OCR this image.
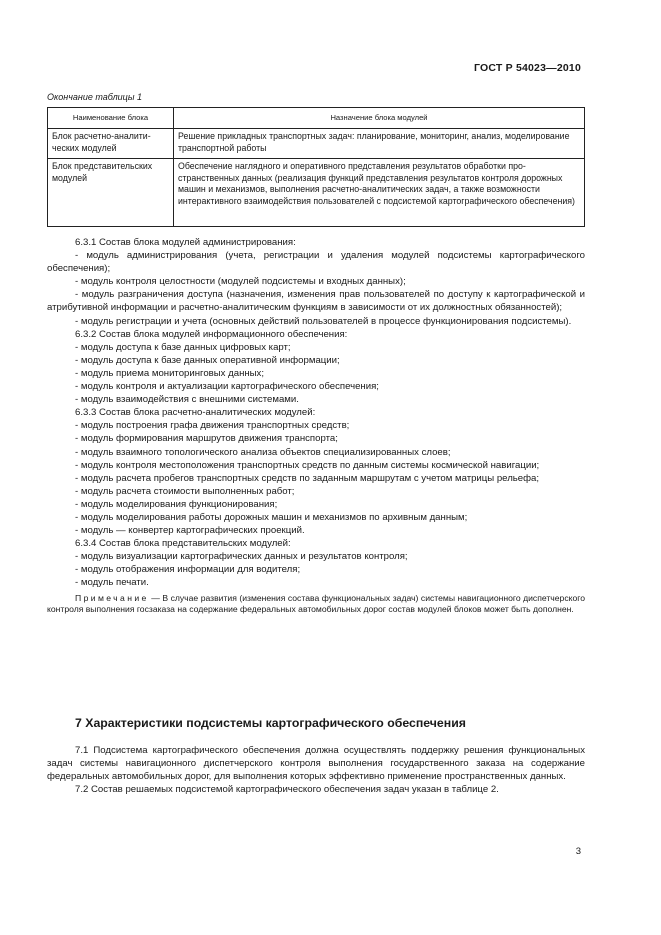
ГОСТ Р 54023—2010
Окончание таблицы 1
Наименование блока	Назначение блока модулей
Блок расчетно-аналитических модулей	Решение прикладных транспортных задач: планирование, мониторинг, анализ, моделирование транспортной работы
Блок представительских модулей	Обеспечение наглядного и оперативного представления результатов обработки пространственных данных (реализация функций представления результатов контроля дорожных машин и механизмов, выполнения расчетно-аналитических задач, а также возможности интерактивного взаимодействия пользователей с подсистемой картографического обеспечения)

6.3.1 Состав блока модулей администрирования:

- модуль администрирования (учета, регистрации и удаления модулей подсистемы картографического обеспечения);

- модуль контроля целостности (модулей подсистемы и входных данных);

- модуль разграничения доступа (назначения, изменения прав пользователей по доступу к картографической и атрибутивной информации и расчетно-аналитическим функциям в зависимости от их должностных обязанностей);

- модуль регистрации и учета (основных действий пользователей в процессе функционирования подсистемы).

6.3.2 Состав блока модулей информационного обеспечения:

- модуль доступа к базе данных цифровых карт;

- модуль доступа к базе данных оперативной информации;

- модуль приема мониторинговых данных;

- модуль контроля и актуализации картографического обеспечения;

- модуль взаимодействия с внешними системами.

6.3.3 Состав блока расчетно-аналитических модулей:

- модуль построения графа движения транспортных средств;

- модуль формирования маршрутов движения транспорта;

- модуль взаимного топологического анализа объектов специализированных слоев;

- модуль контроля местоположения транспортных средств по данным системы космической навигации;

- модуль расчета пробегов транспортных средств по заданным маршрутам с учетом матрицы рельефа;

- модуль расчета стоимости выполненных работ;

- модуль моделирования функционирования;

- модуль моделирования работы дорожных машин и механизмов по архивным данным;

- модуль — конвертер картографических проекций.

6.3.4 Состав блока представительских модулей:

- модуль визуализации картографических данных и результатов контроля;

- модуль отображения информации для водителя;

- модуль печати.

Примечание — В случае развития (изменения состава функциональных задач) системы навигационного диспетчерского контроля выполнения госзаказа на содержание федеральных автомобильных дорог состав модулей блоков может быть дополнен.

7 Характеристики подсистемы картографического обеспечения

7.1 Подсистема картографического обеспечения должна осуществлять поддержку решения функциональных задач системы навигационного диспетчерского контроля выполнения государственного заказа на содержание федеральных автомобильных дорог, для выполнения которых эффективно применение пространственных данных.

7.2 Состав решаемых подсистемой картографического обеспечения задач указан в таблице 2.

3
